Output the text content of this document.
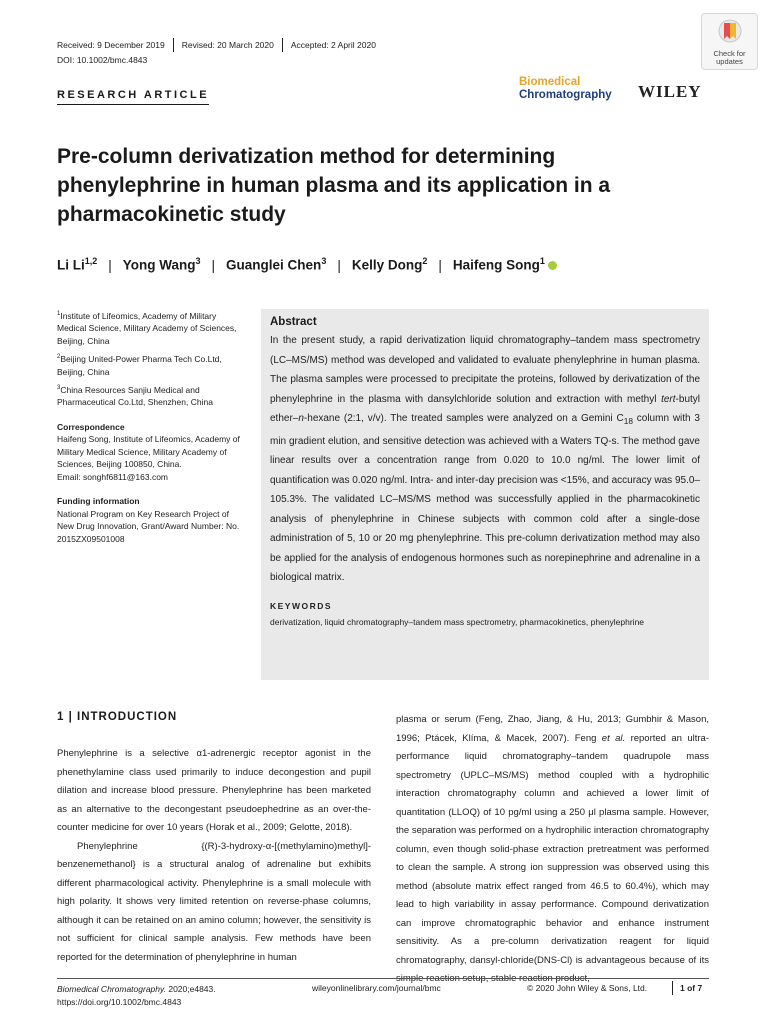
Received: 9 December 2019	Revised: 20 March 2020	Accepted: 2 April 2020
DOI: 10.1002/bmc.4843
RESEARCH ARTICLE
Check for
updates
Biomedical
Chromatography WILEY
Pre-column derivatization method for determining phenylephrine in human plasma and its application in a pharmacokinetic study
Li Li$^{1,2}$ | Yong Wang$^3$ | Guanglei Chen$^3$ | Kelly Dong$^2$ | Haifeng Song$^1$
$^1$Institute of Lifeomics, Academy of Military Medical Science, Military Academy of Sciences, Beijing, China
$^2$Beijing United-Power Pharma Tech Co.Ltd, Beijing, China
$^3$China Resources Sanjiu Medical and Pharmaceutical Co.Ltd, Shenzhen, China
Correspondence
Haifeng Song, Institute of Lifeomics, Academy of Military Medical Science, Military Academy of Sciences, Beijing 100850, China.
Email: songhf6811@163.com
Funding information
National Program on Key Research Project of New Drug Innovation, Grant/Award Number: No. 2015ZX09501008
Abstract

In the present study, a rapid derivatization liquid chromatography–tandem mass spectrometry (LC–MS/MS) method was developed and validated to evaluate phenylephrine in human plasma. The plasma samples were processed to precipitate the proteins, followed by derivatization of the phenylephrine in the plasma with dansylchloride solution and extraction with methyl tert-butyl ether–n-hexane (2:1, v/v). The treated samples were analyzed on a Gemini $C_{18}$ column with 3 min gradient elution, and sensitive detection was achieved with a Waters TQ-s. The method gave linear results over a concentration range from 0.020 to 10.0 ng/ml. The lower limit of quantification was 0.020 ng/ml. Intra- and inter-day precision was <15%, and accuracy was 95.0–105.3%. The validated LC–MS/MS method was successfully applied in the pharmacokinetic analysis of phenylephrine in Chinese subjects with common cold after a single-dose administration of 5, 10 or 20 mg phenylephrine. This pre-column derivatization method may also be applied for the analysis of endogenous hormones such as norepinephrine and adrenaline in a biological matrix.

KEYWORDS
derivatization, liquid chromatography–tandem mass spectrometry, pharmacokinetics, phenylephrine
1 | INTRODUCTION

Phenylephrine is a selective α1-adrenergic receptor agonist in the phenethylamine class used primarily to induce decongestion and pupil dilation and increase blood pressure. Phenylephrine has been marketed as an alternative to the decongestant pseudoephedrine as an over-the-counter medicine for over 10 years (Horak et al., 2009; Gelotte, 2018).

Phenylephrine {(R)-3-hydroxy-α-[(methylamino)methyl]-benzenemethanol} is a structural analog of adrenaline but exhibits different pharmacological activity. Phenylephrine is a small molecule with high polarity. It shows very limited retention on reverse-phase columns, although it can be retained on an amino column; however, the sensitivity is not sufficient for clinical sample analysis. Few methods have been reported for the determination of phenylephrine in human

plasma or serum (Feng, Zhao, Jiang, & Hu, 2013; Gumbhir & Mason, 1996; Ptácek, Klíma, & Macek, 2007). Feng et al. reported an ultra-performance liquid chromatography–tandem quadrupole mass spectrometry (UPLC–MS/MS) method coupled with a hydrophilic interaction chromatography column and achieved a lower limit of quantitation (LLOQ) of 10 pg/ml using a 250 μl plasma sample. However, the separation was performed on a hydrophilic interaction chromatography column, even though solid-phase extraction pretreatment was performed to clean the sample. A strong ion suppression was observed using this method (absolute matrix effect ranged from 46.5 to 60.4%), which may lead to high variability in assay performance. Compound derivatization can improve chromatographic behavior and enhance instrument sensitivity. As a pre-column derivatization reagent for liquid chromatography, dansyl-chloride(DNS-Cl) is advantageous because of its

Biomedical Chromatography. 2020;e4843.
https://doi.org/10.1002/bmc.4843
wileyonlinelibrary.com/journal/bmc	© 2020 John Wiley & Sons, Ltd.	1 of 7
